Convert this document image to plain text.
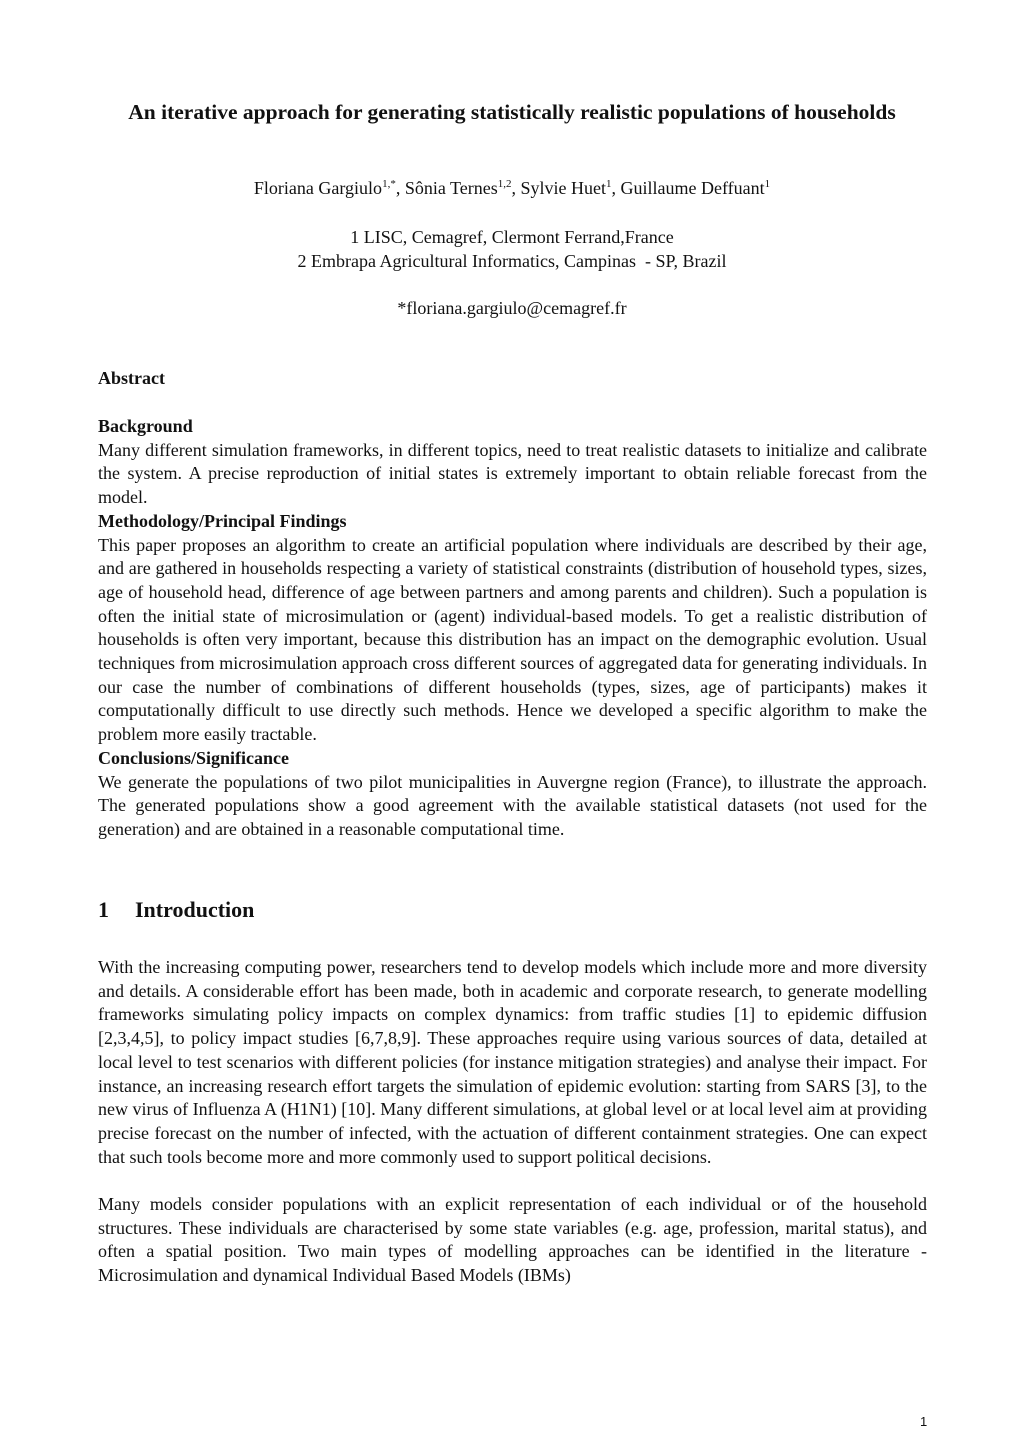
An iterative approach for generating statistically realistic populations of households
Floriana Gargiulo$^{1,*}$, Sônia Ternes$^{1,2}$, Sylvie Huet$^1$, Guillaume Deffuant$^1$
1 LISC, Cemagref, Clermont Ferrand,France
2 Embrapa Agricultural Informatics, Campinas  - SP, Brazil
*floriana.gargiulo@cemagref.fr
Abstract

Background

Many different simulation frameworks, in different topics, need to treat realistic datasets to initialize and calibrate the system. A precise reproduction of initial states is extremely important to obtain reliable forecast from the model.

Methodology/Principal Findings

This paper proposes an algorithm to create an artificial population where individuals are described by their age, and are gathered in households respecting a variety of statistical constraints (distribution of household types, sizes, age of household head, difference of age between partners and among parents and children). Such a population is often the initial state of microsimulation or (agent) individual-based models. To get a realistic distribution of households is often very important, because this distribution has an impact on the demographic evolution. Usual techniques from microsimulation approach cross different sources of aggregated data for generating individuals. In our case the number of combinations of different households (types, sizes, age of participants) makes it computationally difficult to use directly such methods. Hence we developed a specific algorithm to make the problem more easily tractable.

Conclusions/Significance

We generate the populations of two pilot municipalities in Auvergne region (France), to illustrate the approach. The generated populations show a good agreement with the available statistical datasets (not used for the generation) and are obtained in a reasonable computational time.

1 Introduction

With the increasing computing power, researchers tend to develop models which include more and more diversity and details. A considerable effort has been made, both in academic and corporate research, to generate modelling frameworks simulating policy impacts on complex dynamics: from traffic studies [1] to epidemic diffusion [2,3,4,5], to policy impact studies [6,7,8,9]. These approaches require using various sources of data, detailed at local level to test scenarios with different policies (for instance mitigation strategies) and analyse their impact. For instance, an increasing research effort targets the simulation of epidemic evolution: starting from SARS [3], to the new virus of Influenza A (H1N1) [10]. Many different simulations, at global level or at local level aim at providing precise forecast on the number of infected, with the actuation of different containment strategies. One can expect that such tools become more and more commonly used to support political decisions.

Many models consider populations with an explicit representation of each individual or of the household structures. These individuals are characterised by some state variables (e.g. age, profession, marital status), and often a spatial position. Two main types of modelling approaches can be identified in the literature - Microsimulation and dynamical Individual Based Models (IBMs)

1
